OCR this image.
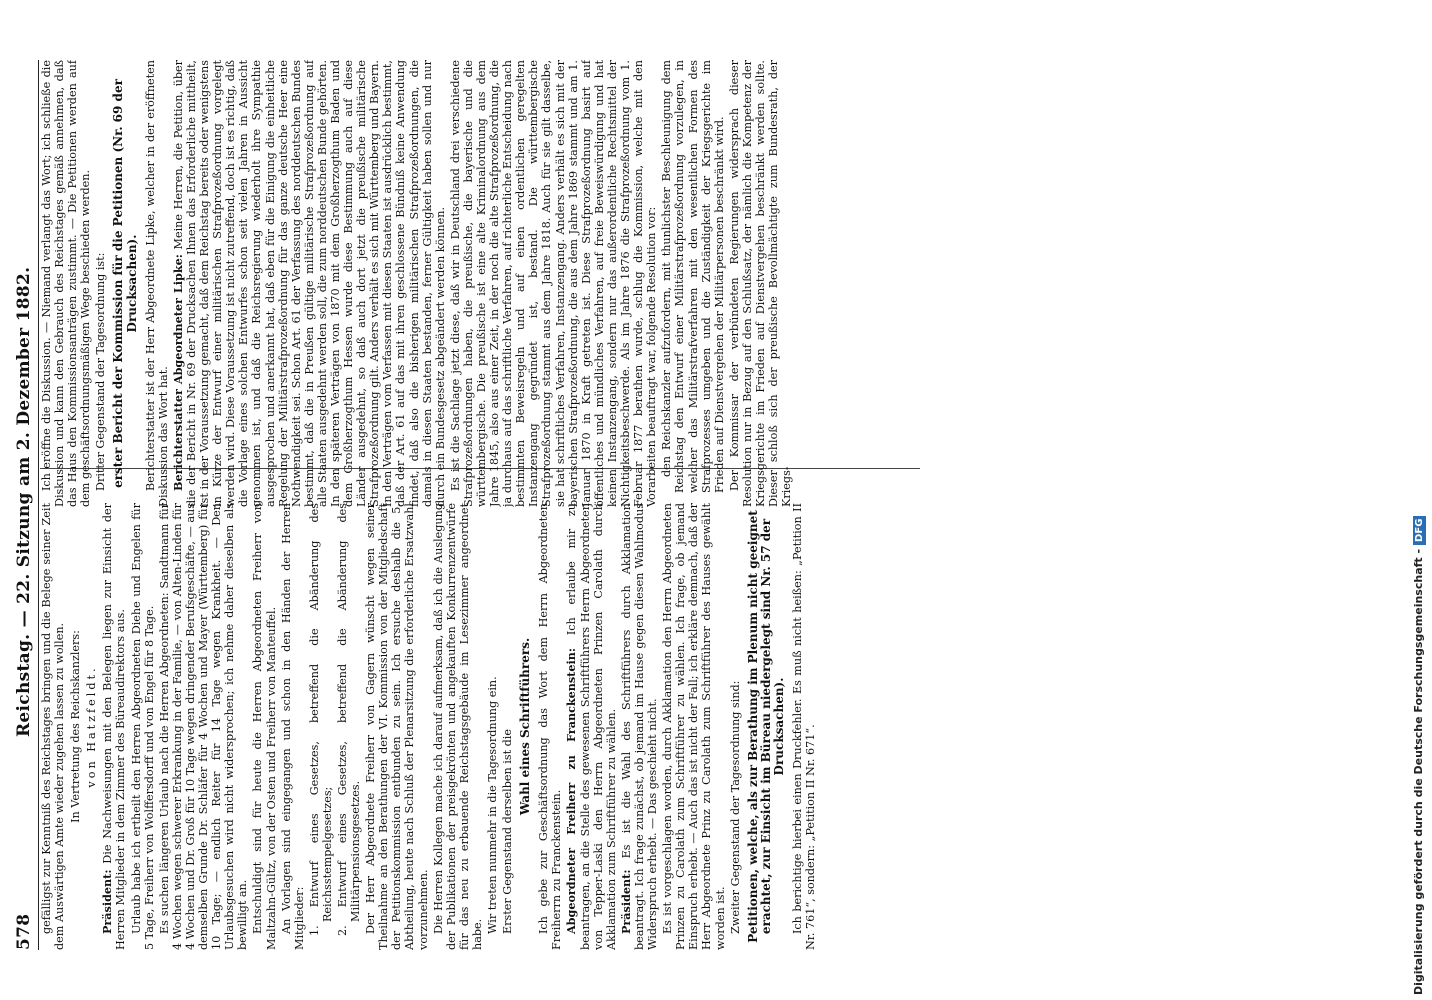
578
Reichstag. — 22. Sitzung am 2. Dezember 1882. gefälligst zur Kenntniß des Reichstages bringen und die Belege seiner Zeit dem Auswärtigen Amte wieder zugehen lassen zu wollen. In Vertretung des Reichskanzlers: von Hatzfeldt.

Präsident: Die Nachweisungen mit den Belegen liegen zur Einsicht der Herren Mitglieder in dem Zimmer des Büreaudirektors aus. Urlaub habe ich ertheilt den Herren Abgeordneten Diehe und Engelen für 5 Tage, Freiherr von Wolffersdorff und von Engel für 8 Tage. Es suchen längeren Urlaub nach die Herren Abgeordneten: Sandtmann für 4 Wochen wegen schwerer Erkrankung in der Familie, — von Alten-Linden für 4 Wochen und Dr. Groß für 10 Tage wegen dringender Berufsgeschäfte, — aus demselben Grunde Dr. Schläfer für 4 Wochen und Mayer (Württemberg) für 10 Tage; — endlich Reiter für 14 Tage wegen Krankheit. — Den Urlaubsgesuchen wird nicht widersprochen; ich nehme daher dieselben als bewilligt an. Entschuldigt sind für heute die Herren Abgeordneten Freiherr von Maltzahn-Gültz, von der Osten und Freiherr von Manteuffel. An Vorlagen sind eingegangen und schon in den Händen der Herren Mitglieder: 1. Entwurf eines Gesetzes, betreffend die Abänderung des Reichsstempelgesetzes; 2. Entwurf eines Gesetzes, betreffend die Abänderung des Militärpensionsgesetzes. Der Herr Abgeordnete Freiherr von Gagern wünscht wegen seiner Theilnahme an den Berathungen der VI. Kommission von der Mitgliedschaft der Petitionskommission entbunden zu sein. Ich ersuche deshalb die 5. Abtheilung, heute nach Schluß der Plenarsitzung die erforderliche Ersatzwahl vorzunehmen. Die Herren Kollegen mache ich darauf aufmerksam, daß ich die Auslegung der Publikationen der preisgekrönten und angekauften Konkurrenzentwürfe für das neu zu erbauende Reichstagsgebäude im Lesezimmer angeordnet habe.

Wir treten nunmehr in die Tagesordnung ein. Erster Gegenstand derselben ist die

Wahl eines Schriftführers. Ich gebe zur Geschäftsordnung das Wort dem Herrn Abgeordneten Freiherrn zu Franckenstein. Abgeordneter Freiherr zu Franckenstein: Ich erlaube mir zu beantragen, an die Stelle des gewesenen Schriftführers Herrn Abgeordneten von Tepper-Laski den Herrn Abgeordneten Prinzen Carolath durch Akklamation zum Schriftführer zu wählen. Präsident: Es ist die Wahl des Schriftführers durch Akklamation beantragt. Ich frage zunächst, ob jemand im Hause gegen diesen Wahlmodus Widerspruch erhebt. — Das geschieht nicht. Es ist vorgeschlagen worden, durch Akklamation den Herrn Abgeordneten Prinzen zu Carolath zum Schriftführer zu wählen. Ich frage, ob jemand Einspruch erhebt. — Auch das ist nicht der Fall; ich erkläre demnach, daß der Herr Abgeordnete Prinz zu Carolath zum Schriftführer des Hauses gewählt worden ist. Zweiter Gegenstand der Tagesordnung sind: Petitionen, welche, als zur Berathung im Plenum nicht geeignet erachtet, zur Einsicht im Büreau niedergelegt sind Nr. 57 der Drucksachen). Ich berichtige hierbei einen Druckfehler. Es muß nicht heißen: „Petition II Nr. 761“, sondern: „Petition II Nr. 671“.

Ich eröffne die Diskussion. — Niemand verlangt das Wort; ich schließe die Diskussion und kann den Gebrauch des Reichstages gemäß annehmen, daß das Haus den Kommissionsanträgen zustimmt. — Die Petitionen werden auf dem geschäftsordnungsmäßigen Wege beschieden werden. Dritter Gegenstand der Tagesordnung ist: erster Bericht der Kommission für die Petitionen (Nr. 69 der Drucksachen). Berichterstatter ist der Herr Abgeordnete Lipke, welcher in der eröffneten Diskussion das Wort hat. Berichterstatter Abgeordneter Lipke: Meine Herren, die Petition, über die der Bericht in Nr. 69 der Drucksachen Ihnen das Erforderliche mittheilt, ist in der Voraussetzung gemacht, daß dem Reichstag bereits oder wenigstens in Kürze der Entwurf einer militärischen Strafprozeßordnung vorgelegt werden wird. Diese Voraussetzung ist nicht zutreffend, doch ist es richtig, daß die Vorlage eines solchen Entwurfes schon seit vielen Jahren in Aussicht genommen ist, und daß die Reichsregierung wiederholt ihre Sympathie ausgesprochen und anerkannt hat, daß eben für die Einigung die einheitliche Regelung der Militärstrafprozeßordnung für das ganze deutsche Heer eine Nothwendigkeit sei. Schon Art. 61 der Verfassung des norddeutschen Bundes bestimmt, daß die in Preußen gültige militärische Strafprozeßordnung auf alle Staaten ausgedehnt werden soll, die zum norddeutschen Bunde gehörten. In den späteren Verträgen von 1870 mit dem Großherzogthum Baden und dem Großherzogthum Hessen wurde diese Bestimmung auch auf diese Länder ausgedehnt, so daß auch dort jetzt die preußische militärische Strafprozeßordnung gilt. Anders verhält es sich mit Württemberg und Bayern. In den Verträgen vom Verfassen mit diesen Staaten ist ausdrücklich bestimmt, daß der Art. 61 auf das mit ihren geschlossene Bündniß keine Anwendung findet, daß also die bisherigen militärischen Strafprozeßordnungen, die damals in diesen Staaten bestanden, ferner Gültigkeit haben sollen und nur durch ein Bundesgesetz abgeändert werden können. Es ist die Sachlage jetzt diese, daß wir in Deutschland drei verschiedene Strafprozeßordnungen haben, die preußische, die bayerische und die württembergische. Die preußische ist eine alte Kriminalordnung aus dem Jahre 1845, also aus einer Zeit, in der noch die alte Strafprozeßordnung, die ja durchaus auf das schriftliche Verfahren, auf richterliche Entscheidung nach bestimmten Beweisregeln und auf einen ordentlichen geregelten Instanzengang gegründet ist, bestand. Die württembergische Strafprozeßordnung stammt aus dem Jahre 1818. Auch für sie gilt dasselbe, sie hat schriftliches Verfahren, Instanzengang. Anders verhält es sich mit der bayerischen Strafprozeßordnung, die aus dem Jahre 1869 stammt und am 1. Januar 1870 in Kraft getreten ist. Diese Strafprozeßordnung basirt auf öffentliches und mündliches Verfahren, auf freie Beweiswürdigung und hat keinen Instanzengang, sondern nur das außerordentliche Rechtsmittel der Nichtigkeitsbeschwerde. Als im Jahre 1876 die Strafprozeßordnung vom 1. Februar 1877 berathen wurde, schlug die Kommission, welche mit den Vorarbeiten beauftragt war, folgende Resolution vor: den Reichskanzler aufzufordern, mit thunlichster Beschleunigung dem Reichstag den Entwurf einer Militärstrafprozeßordnung vorzulegen, in welcher das Militärstrafverfahren mit den wesentlichen Formen des Strafprozesses umgeben und die Zuständigkeit der Kriegsgerichte im Frieden auf Dienstvergehen der Militärpersonen beschränkt wird. Der Kommissar der verbündeten Regierungen widersprach dieser Resolution nur in Bezug auf den Schlußsatz, der nämlich die Kompetenz der Kriegsgerichte im Frieden auf Dienstvergehen beschränkt werden sollte. Dieser schloß sich der preußische Bevollmächtigte zum Bundesrath, der Kriegs-

Digitalisierung gefördert durch die Deutsche Forschungsgemeinschaft -DFG
